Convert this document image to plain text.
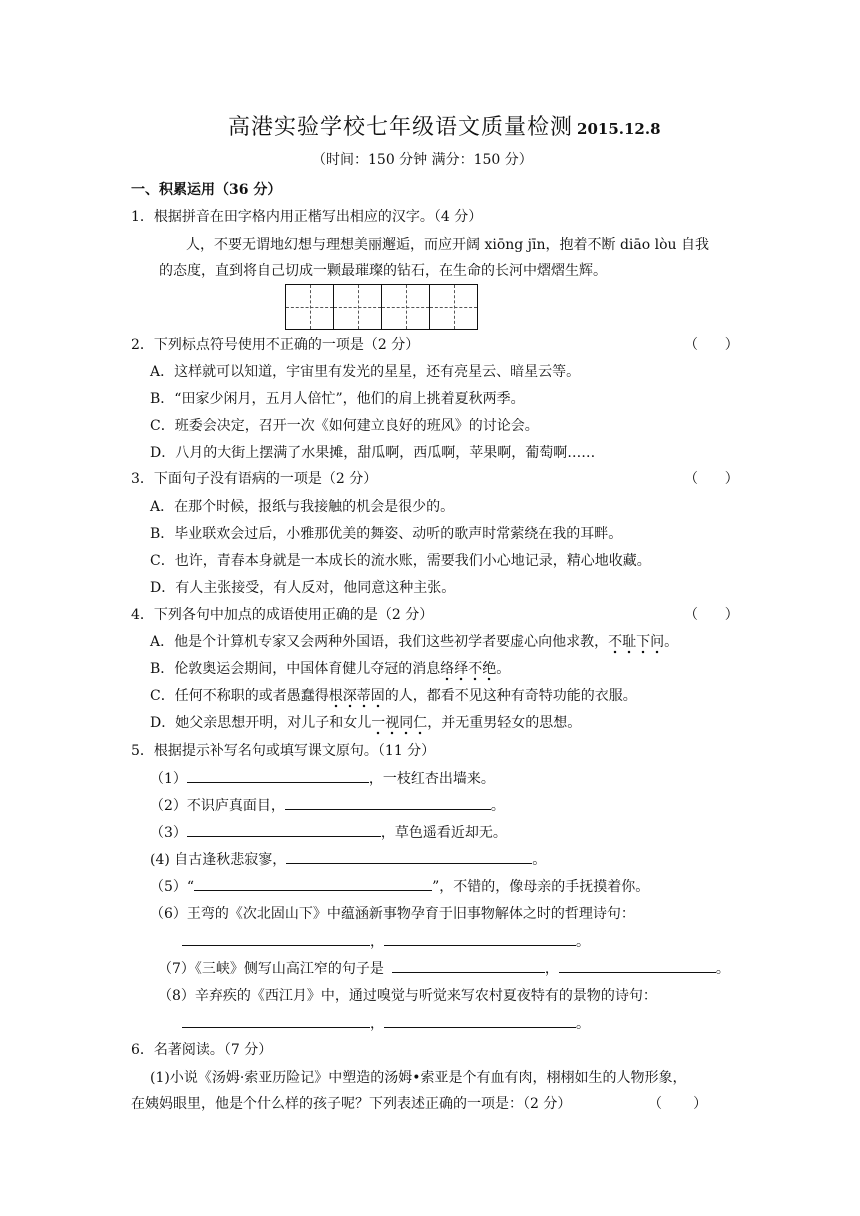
高港实验学校七年级语文质量检测 2015.12.8
（时间：150 分钟 满分：150 分）
一、积累运用（36 分）
1．根据拼音在田字格内用正楷写出相应的汉字。（4 分）
人，不要无谓地幻想与理想美丽邂逅，而应开阔 xiōng jīn，抱着不断 diāo lòu 自我
的态度，直到将自己切成一颗最璀璨的钻石，在生命的长河中熠熠生辉。
2．下列标点符号使用不正确的一项是（2 分）	（      ）
A．这样就可以知道，宇宙里有发光的星星，还有亮星云、暗星云等。
B．“田家少闲月，五月人倍忙”，他们的肩上挑着夏秋两季。
C．班委会决定，召开一次《如何建立良好的班风》的讨论会。
D．八月的大街上摆满了水果摊，甜瓜啊，西瓜啊，苹果啊，葡萄啊……
3．下面句子没有语病的一项是（2 分）	（      ）
A．在那个时候，报纸与我接触的机会是很少的。
B．毕业联欢会过后，小雅那优美的舞姿、动听的歌声时常萦绕在我的耳畔。
C．也许，青春本身就是一本成长的流水账，需要我们小心地记录，精心地收藏。
D．有人主张接受，有人反对，他同意这种主张。
4．下列各句中加点的成语使用正确的是（2 分）	（      ）
A．他是个计算机专家又会两种外国语，我们这些初学者要虚心向他求教，不耻下问。
B．伦敦奥运会期间，中国体育健儿夺冠的消息络绎不绝。
C．任何不称职的或者愚蠢得根深蒂固的人，都看不见这种有奇特功能的衣服。
D．她父亲思想开明，对儿子和女儿一视同仁，并无重男轻女的思想。
5．根据提示补写名句或填写课文原句。（11 分）
（1）	，一枝红杏出墙来。
（2）不识庐真面目，	。
（3）	，草色遥看近却无。
(4) 自古逢秋悲寂寥，	。
（5）“	”，不错的，像母亲的手抚摸着你。
（6）王弯的《次北固山下》中蕴涵新事物孕育于旧事物解体之时的哲理诗句：
，	。
（7）《三峡》侧写山高江窄的句子是	，	。
（8）辛弃疾的《西江月》中，通过嗅觉与听觉来写农村夏夜特有的景物的诗句：
，	。
6．名著阅读。（7 分）
(1)小说《汤姆·索亚历险记》中塑造的汤姆•索亚是个有血有肉，栩栩如生的人物形象，
在姨妈眼里，他是个什么样的孩子呢？下列表述正确的一项是：（2 分）	（       ）
